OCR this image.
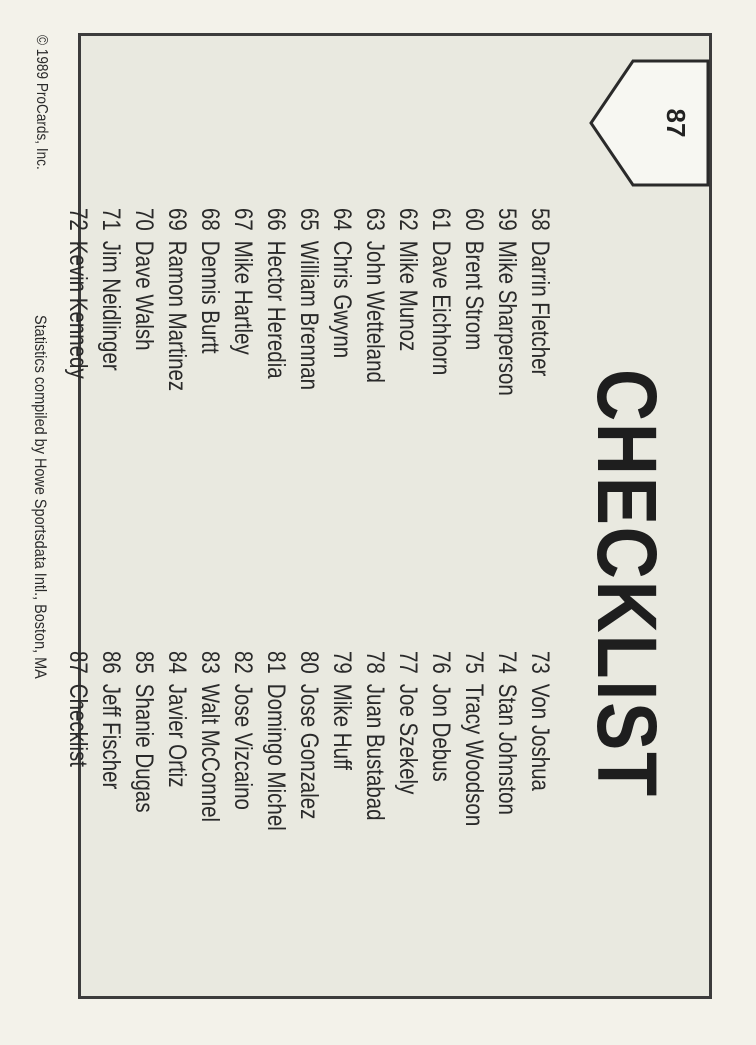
87
CHECKLIST
58Darrin Fletcher
59Mike Sharperson
60Brent Strom
61Dave Eichhorn
62Mike Munoz
63John Wetteland
64Chris Gwynn
65William Brennan
66Hector Heredia
67Mike Hartley
68Dennis Burtt
69Ramon Martinez
70Dave Walsh
71Jim Neidlinger
72Kevin Kennedy
73Von Joshua
74Stan Johnston
75Tracy Woodson
76Jon Debus
77Joe Szekely
78Juan Bustabad
79Mike Huff
80Jose Gonzalez
81Domingo Michel
82Jose Vizcaino
83Walt McConnel
84Javier Ortiz
85Shanie Dugas
86Jeff Fischer
87Checklist
© 1989 ProCards, Inc.
Statistics compiled by Howe Sportsdata Intl., Boston, MA
